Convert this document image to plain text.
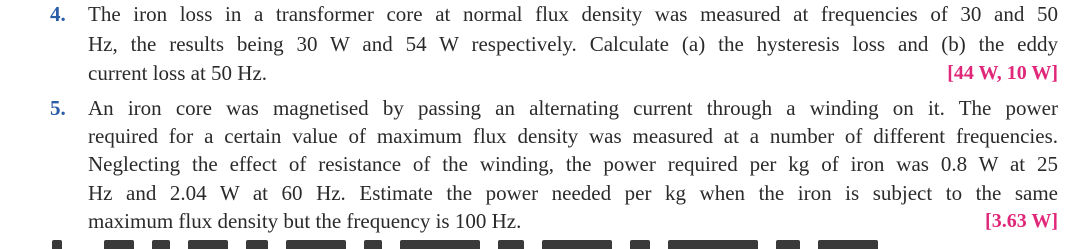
4. The iron loss in a transformer core at normal flux density was measured at frequencies of 30 and 50
Hz, the results being 30 W and 54 W respectively. Calculate (a) the hysteresis loss and (b) the eddy
current loss at 50 Hz.	[44 W, 10 W]
5. An iron core was magnetised by passing an alternating current through a winding on it. The power
required for a certain value of maximum flux density was measured at a number of different frequencies.
Neglecting the effect of resistance of the winding, the power required per kg of iron was 0.8 W at 25
Hz and 2.04 W at 60 Hz. Estimate the power needed per kg when the iron is subject to the same
maximum flux density but the frequency is 100 Hz.	[3.63 W]
